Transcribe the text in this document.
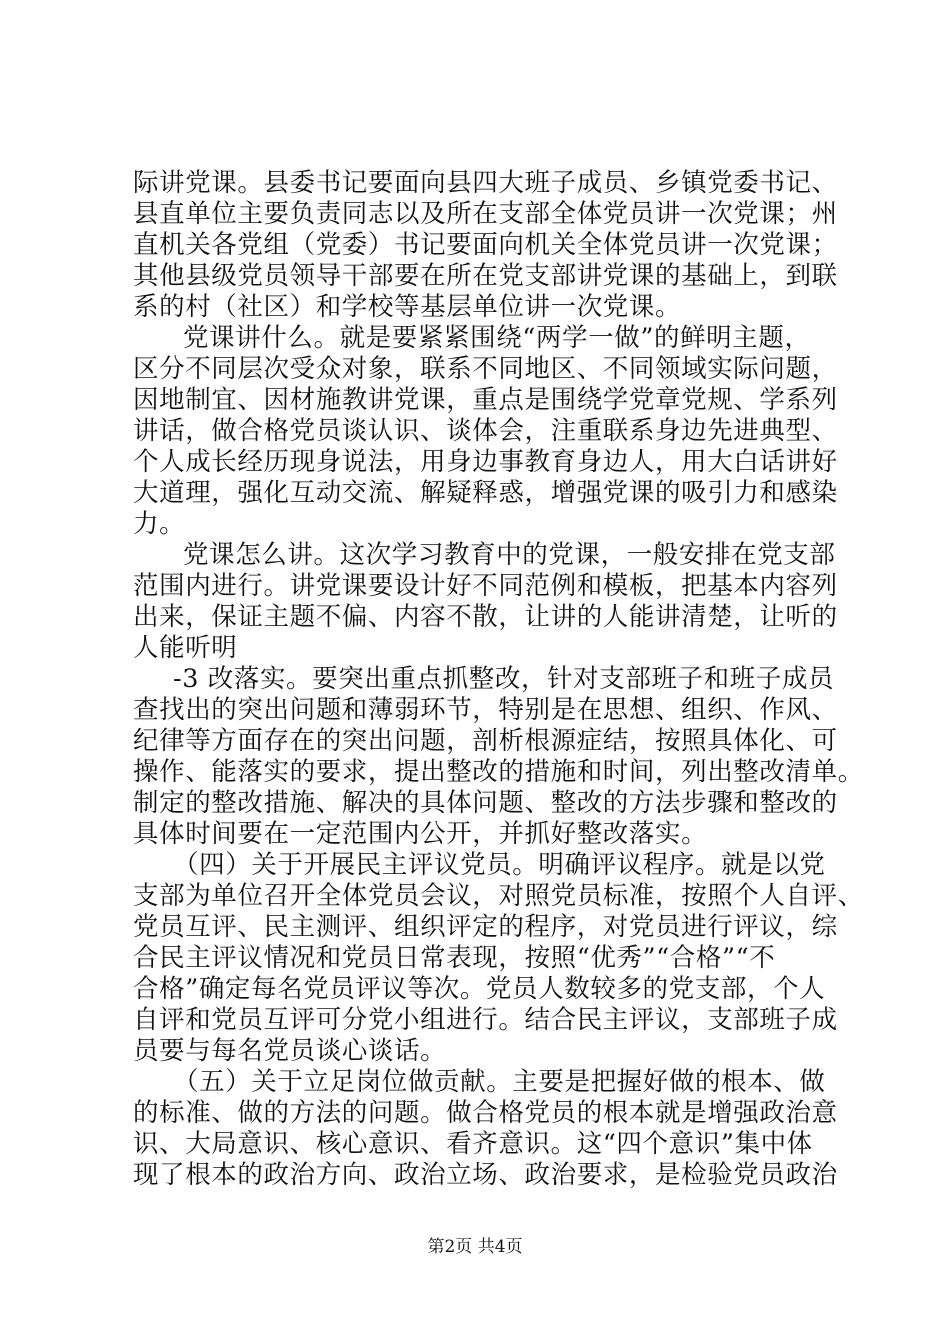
际讲党课。县委书记要面向县四大班子成员、乡镇党委书记、
县直单位主要负责同志以及所在支部全体党员讲一次党课；州
直机关各党组（党委）书记要面向机关全体党员讲一次党课；
其他县级党员领导干部要在所在党支部讲党课的基础上，到联
系的村（社区）和学校等基层单位讲一次党课。
党课讲什么。就是要紧紧围绕“两学一做”的鲜明主题，
区分不同层次受众对象，联系不同地区、不同领域实际问题，
因地制宜、因材施教讲党课，重点是围绕学党章党规、学系列
讲话，做合格党员谈认识、谈体会，注重联系身边先进典型、
个人成长经历现身说法，用身边事教育身边人，用大白话讲好
大道理，强化互动交流、解疑释惑，增强党课的吸引力和感染
力。
党课怎么讲。这次学习教育中的党课，一般安排在党支部
范围内进行。讲党课要设计好不同范例和模板，把基本内容列
出来，保证主题不偏、内容不散，让讲的人能讲清楚，让听的
人能听明
-3 改落实。要突出重点抓整改，针对支部班子和班子成员
查找出的突出问题和薄弱环节，特别是在思想、组织、作风、
纪律等方面存在的突出问题，剖析根源症结，按照具体化、可
操作、能落实的要求，提出整改的措施和时间，列出整改清单。
制定的整改措施、解决的具体问题、整改的方法步骤和整改的
具体时间要在一定范围内公开，并抓好整改落实。
（四）关于开展民主评议党员。明确评议程序。就是以党
支部为单位召开全体党员会议，对照党员标准，按照个人自评、
党员互评、民主测评、组织评定的程序，对党员进行评议，综
合民主评议情况和党员日常表现，按照“优秀”“合格”“不
合格”确定每名党员评议等次。党员人数较多的党支部，个人
自评和党员互评可分党小组进行。结合民主评议，支部班子成
员要与每名党员谈心谈话。
（五）关于立足岗位做贡献。主要是把握好做的根本、做
的标准、做的方法的问题。做合格党员的根本就是增强政治意
识、大局意识、核心意识、看齐意识。这“四个意识”集中体
现了根本的政治方向、政治立场、政治要求，是检验党员政治
第2页 共4页
